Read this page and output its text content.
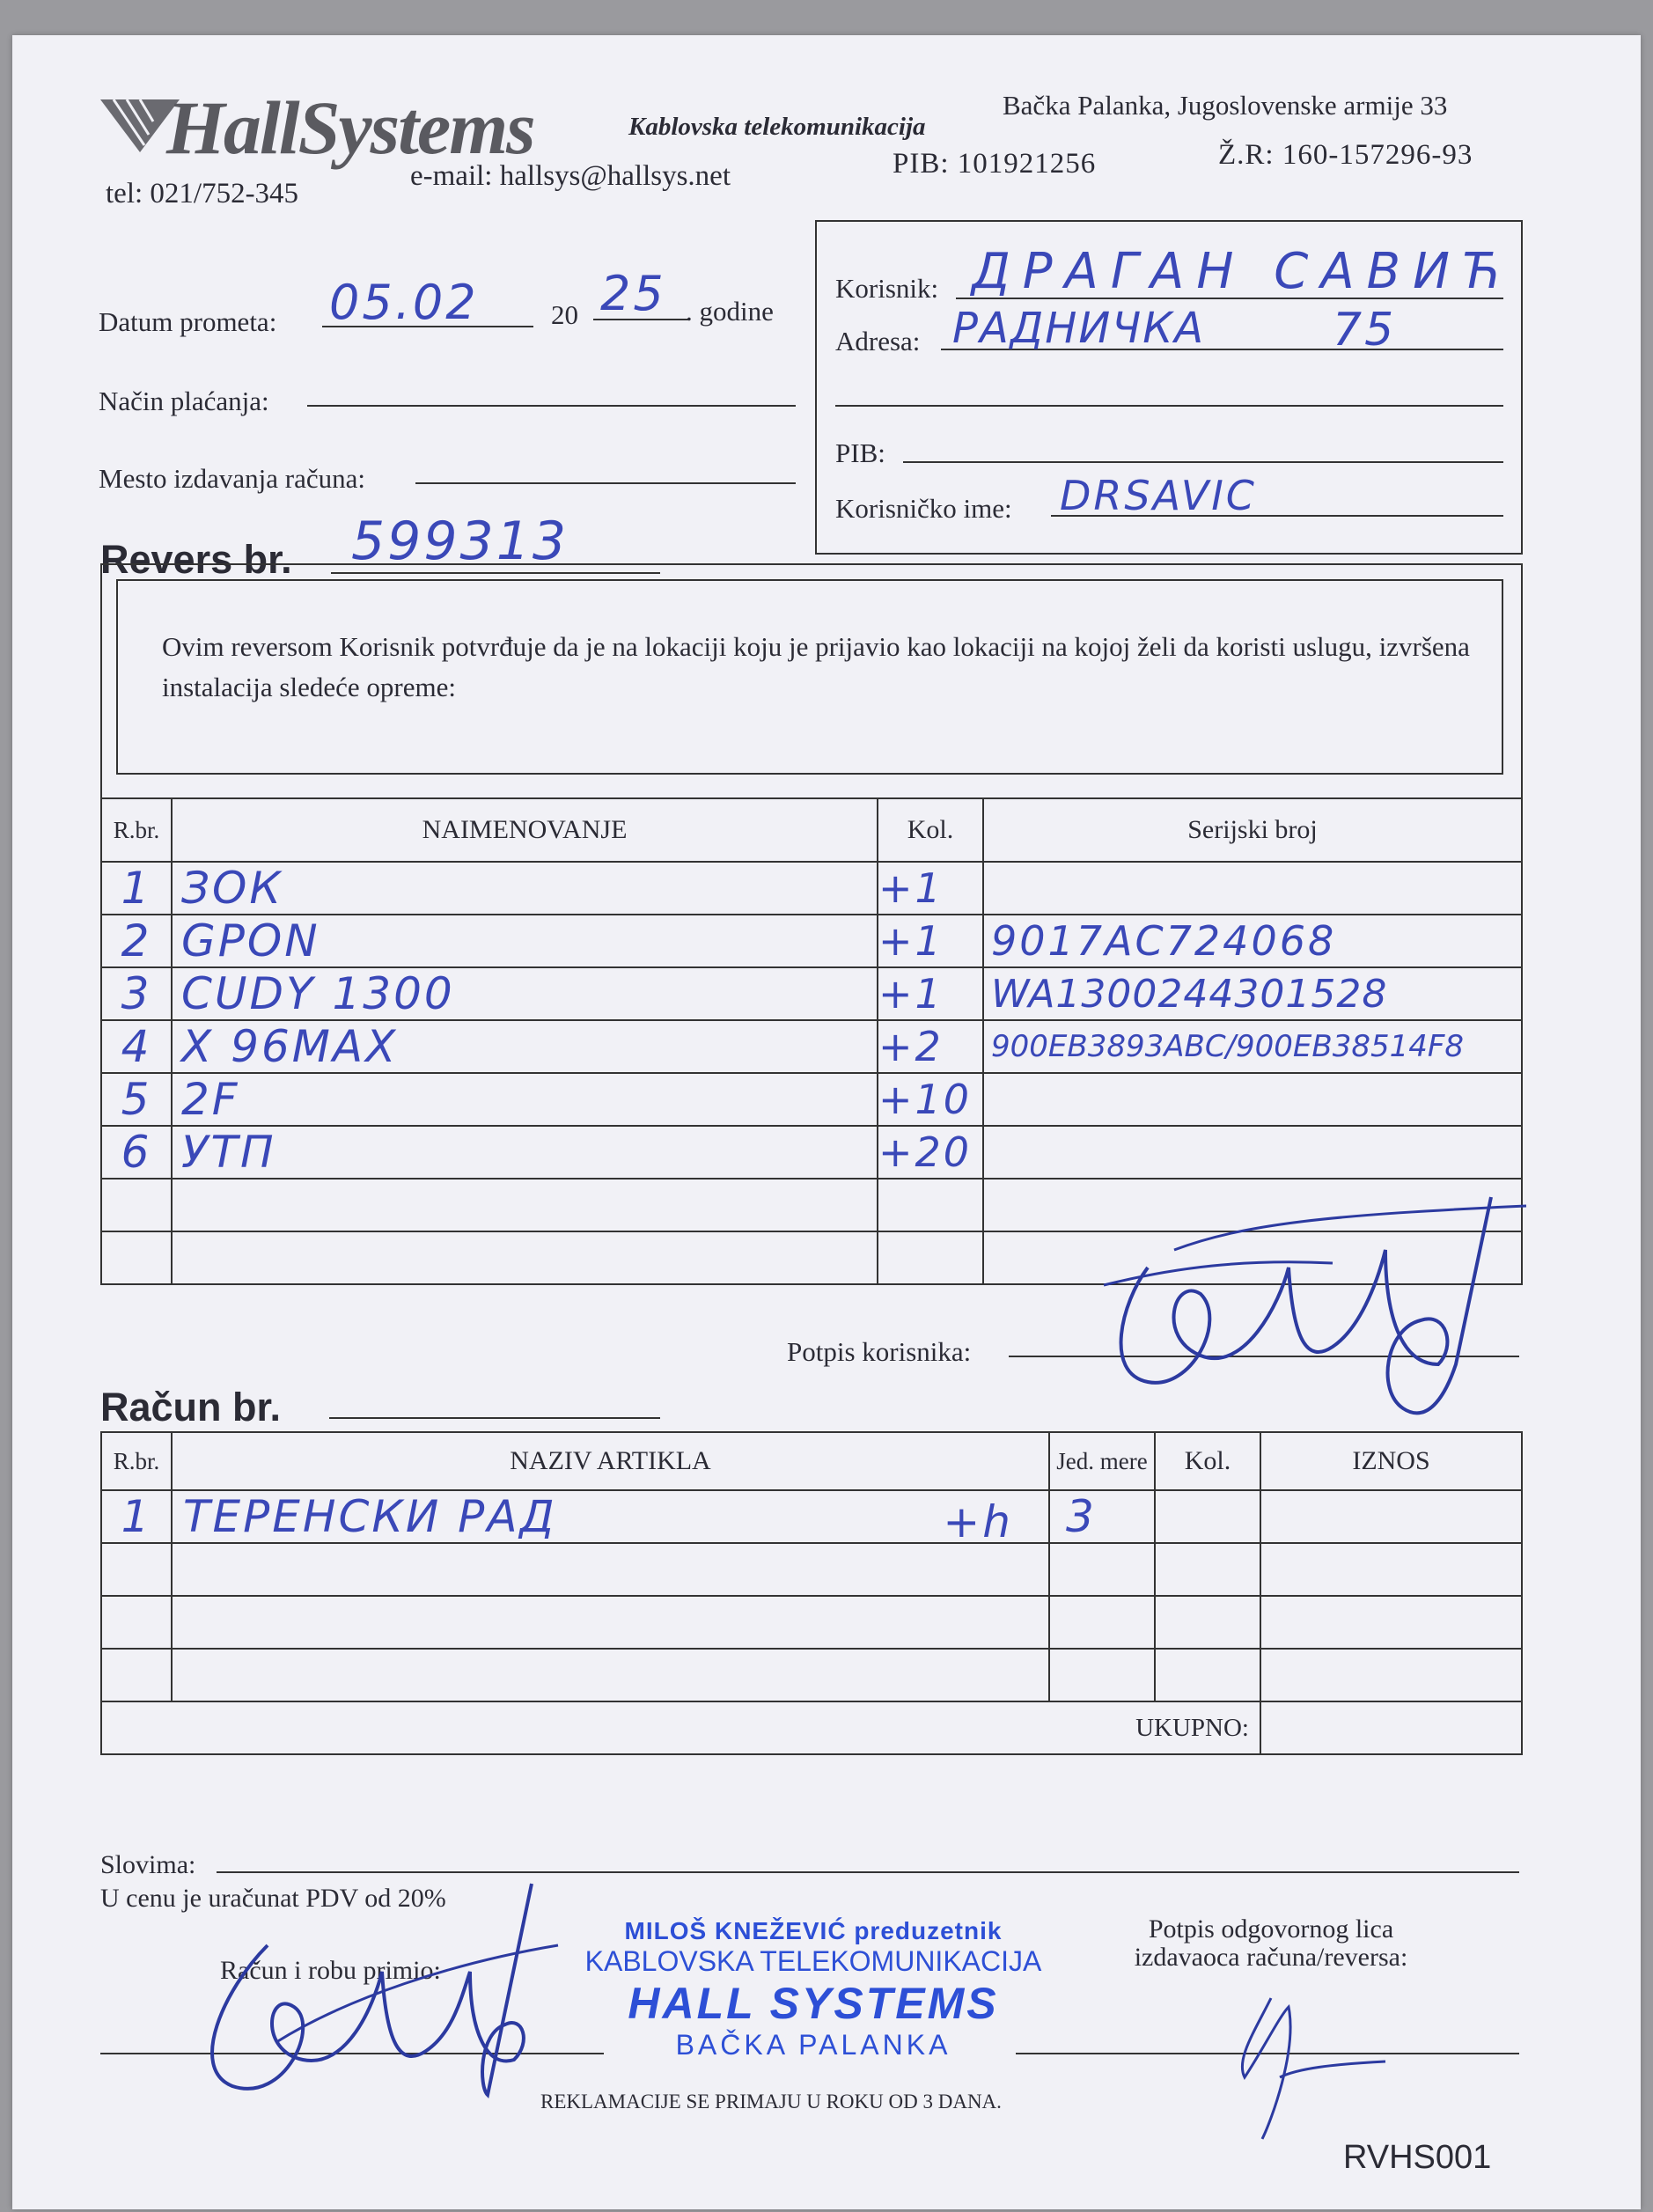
HallSystems	Kablovska telekomunikacija
Bačka Palanka, Jugoslovenske armije 33
tel: 021/752-345
e-mail: hallsys@hallsys.net	PIB: 101921256	Ž.R: 160-157296-93
Datum prometa: 05.02	20 25 . godine
Način plaćanja:
Mesto izdavanja računa:
Korisnik: ДРАГАН САВИЋ
Adresa: РАДНИЧКА	75
PIB:
Korisničko ime: DRSAVIC
Revers br. 599313
Ovim reversom Korisnik potvrđuje da je na lokaciji koju je prijavio kao lokaciji na kojoj želi da koristi uslugu, izvršena instalacija sledeće opreme:
R.br.	NAIMENOVANJE	Kol.	Serijski broj
1	ЗОК	+1	
2	GPON	+1	9017AC724068
3	CUDY 1300	+1	WA1300244301528
4	X 96MAX	+2	900EB3893ABC/900EB38514F8
5	2F	+10	
6	УТП	+20	

Potpis korisnika:
Račun br.
R.br.	NAZIV ARTIKLA	Jed. mere	Kol.	IZNOS
1	ТЕРЕНСКИ РАД +h	3		

UKUPNO:				
Slovima:
U cenu je uračunat PDV od 20%
Račun i robu primio:
MILOŠ KNEŽEVIĆ preduzetnik
KABLOVSKA TELEKOMUNIKACIJA
HALL SYSTEMS
BAČKA PALANKA
Potpis odgovornog lica izdavaoca računa/reversa:
REKLAMACIJE SE PRIMAJU U ROKU OD 3 DANA.
RVHS001
